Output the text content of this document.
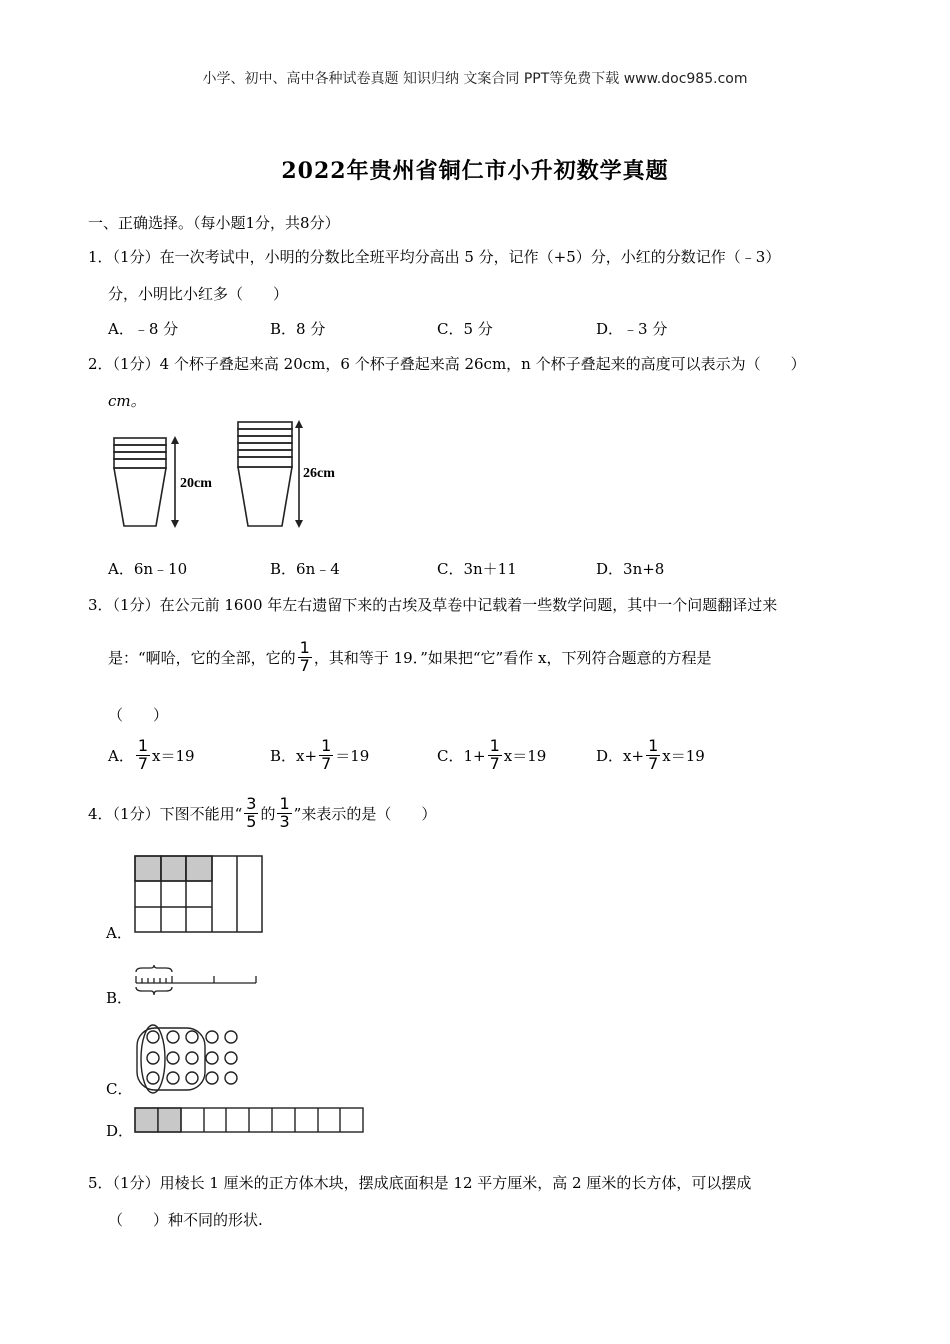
小学、初中、高中各种试卷真题 知识归纳 文案合同 PPT等免费下载 www.doc985.com
2022年贵州省铜仁市小升初数学真题
一、正确选择。（每小题1分，共8分）
1．（1分）在一次考试中，小明的分数比全班平均分高出 5 分，记作（+5）分，小红的分数记作（﹣3）
分，小明比小红多（　　）
A．﹣8 分	B．8 分	C．5 分	D．﹣3 分
2．（1分）4 个杯子叠起来高 20cm，6 个杯子叠起来高 26cm，n 个杯子叠起来的高度可以表示为（　　）
cm。
20cm
26cm
A．6n﹣10	B．6n﹣4	C．3n＋11	D．3n+8
3．（1分）在公元前 1600 年左右遗留下来的古埃及草卷中记载着一些数学问题，其中一个问题翻译过来
是：“啊哈，它的全部，它的 $\frac{1}{7}$ ，其和等于 19．”如果把“它”看作 x，下列符合题意的方程是
（　　）
A． $\frac{1}{7} x=19$	B．$x+ \frac{1}{7} =19$	C．$1+ \frac{1}{7} x=19$	D．$x+ \frac{1}{7} x=19$
4．（1分）下图不能用“ $\frac{3}{5}$ 的 $\frac{1}{3}$ ”来表示的是（　　）
A．
B．
C．
D．
5．（1分）用棱长 1 厘米的正方体木块，摆成底面积是 12 平方厘米，高 2 厘米的长方体，可以摆成
（　　）种不同的形状.
